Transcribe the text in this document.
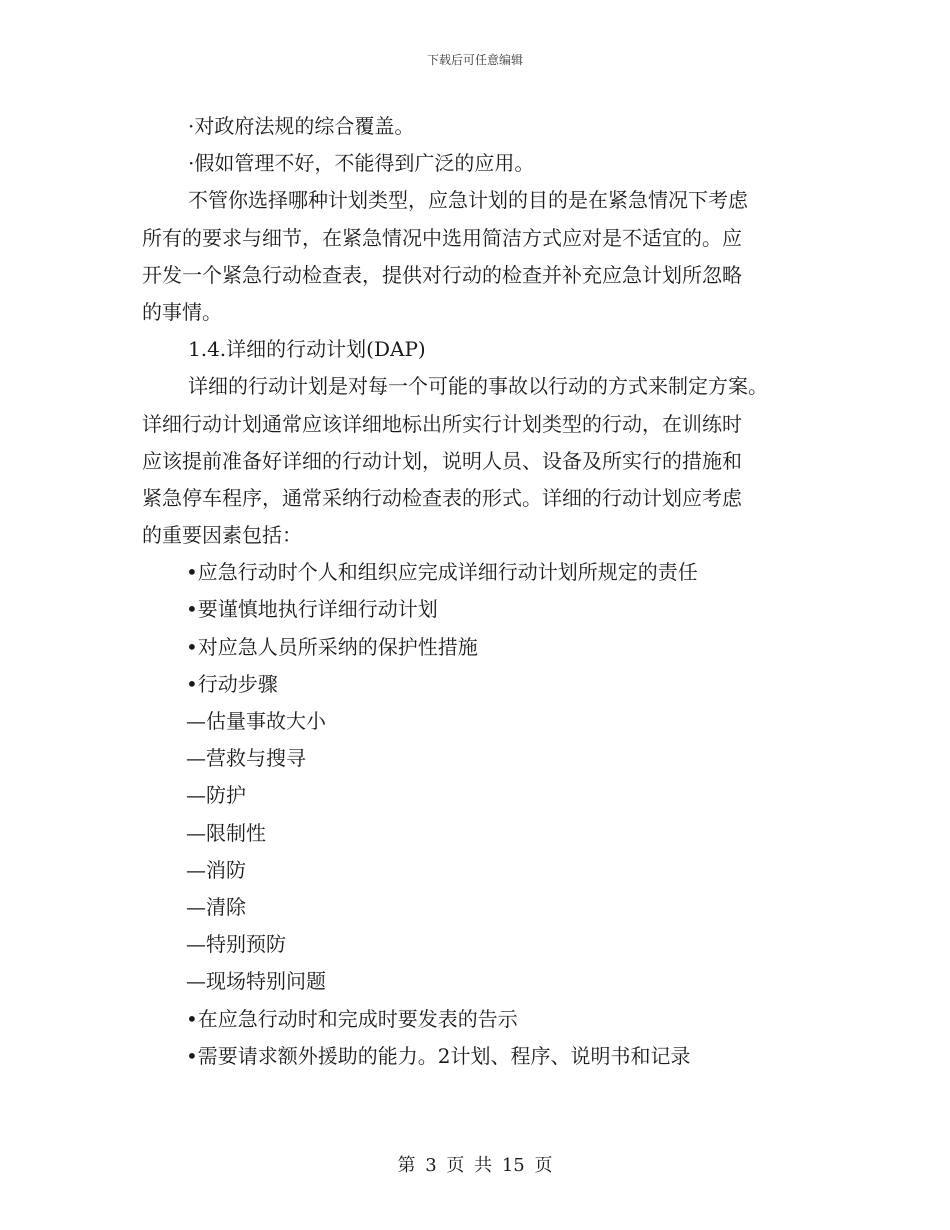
下载后可任意编辑
·对政府法规的综合覆盖。
·假如管理不好，不能得到广泛的应用。
不管你选择哪种计划类型，应急计划的目的是在紧急情况下考虑
所有的要求与细节，在紧急情况中选用简洁方式应对是不适宜的。应
开发一个紧急行动检查表，提供对行动的检查并补充应急计划所忽略
的事情。
1.4.详细的行动计划(DAP)
详细的行动计划是对每一个可能的事故以行动的方式来制定方案。
详细行动计划通常应该详细地标出所实行计划类型的行动，在训练时
应该提前准备好详细的行动计划，说明人员、设备及所实行的措施和
紧急停车程序，通常采纳行动检查表的形式。详细的行动计划应考虑
的重要因素包括：
•应急行动时个人和组织应完成详细行动计划所规定的责任
•要谨慎地执行详细行动计划
•对应急人员所采纳的保护性措施
•行动步骤
—估量事故大小
—营救与搜寻
—防护
—限制性
—消防
—清除
—特别预防
—现场特别问题
•在应急行动时和完成时要发表的告示
•需要请求额外援助的能力。2计划、程序、说明书和记录
第 3 页 共 15 页
